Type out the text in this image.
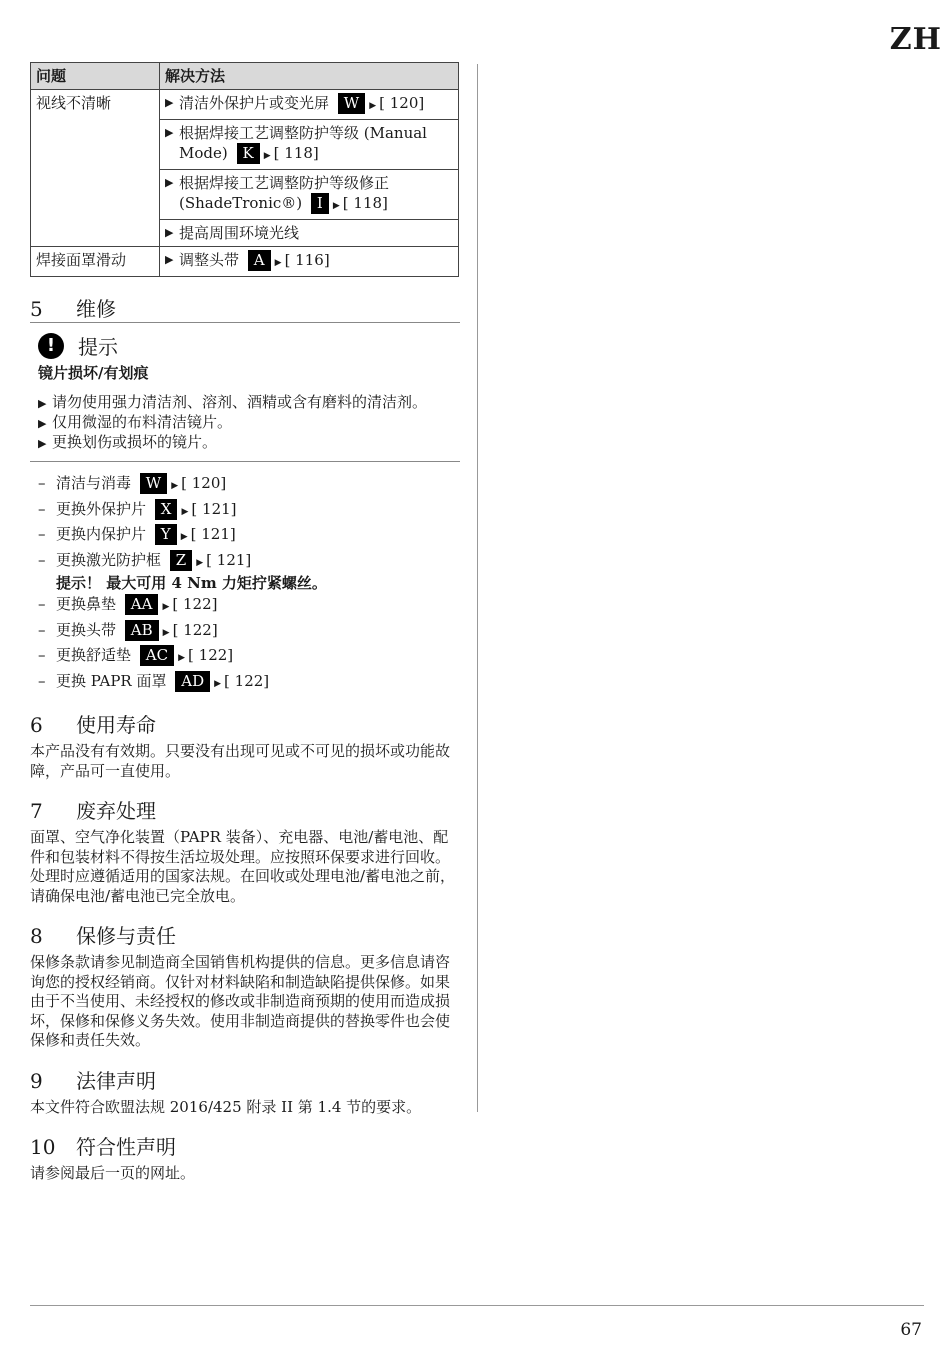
ZH
问题	解决方法
视线不清晰	▶ 清洁外保护片或变光屏 W ▶ [ 120]

	▶ 根据焊接工艺调整防护等级 (Manual Mode) K ▶ [ 118]

	▶ 根据焊接工艺调整防护等级修正 (ShadeTronic®) I ▶ [ 118]

	▶ 提高周围环境光线

焊接面罩滑动	▶ 调整头带 A ▶ [ 116]
5	维修
!	提示
镜片损坏/有划痕
▶ 请勿使用强力清洁剂、溶剂、酒精或含有磨料的清洁剂。
▶ 仅用微湿的布料清洁镜片。
▶ 更换划伤或损坏的镜片。
– 清洁与消毒 W ▶ [ 120]
– 更换外保护片 X ▶ [ 121]
– 更换内保护片 Y ▶ [ 121]
– 更换激光防护框 Z ▶ [ 121]
提示！ 最大可用 4 Nm 力矩拧紧螺丝。
– 更换鼻垫 AA ▶ [ 122]
– 更换头带 AB ▶ [ 122]
– 更换舒适垫 AC ▶ [ 122]
– 更换 PAPR 面罩 AD ▶ [ 122]
6	使用寿命

本产品没有有效期。只要没有出现可见或不可见的损坏或功能故障，产品可一直使用。

7	废弃处理

面罩、空气净化装置（PAPR 装备）、充电器、电池/蓄电池、配件和包装材料不得按生活垃圾处理。应按照环保要求进行回收。处理时应遵循适用的国家法规。在回收或处理电池/蓄电池之前，请确保电池/蓄电池已完全放电。

8	保修与责任

保修条款请参见制造商全国销售机构提供的信息。更多信息请咨询您的授权经销商。仅针对材料缺陷和制造缺陷提供保修。如果由于不当使用、未经授权的修改或非制造商预期的使用而造成损坏，保修和保修义务失效。使用非制造商提供的替换零件也会使保修和责任失效。

9	法律声明

本文件符合欧盟法规 2016/425 附录 II 第 1.4 节的要求。

10	符合性声明

请参阅最后一页的网址。

67
